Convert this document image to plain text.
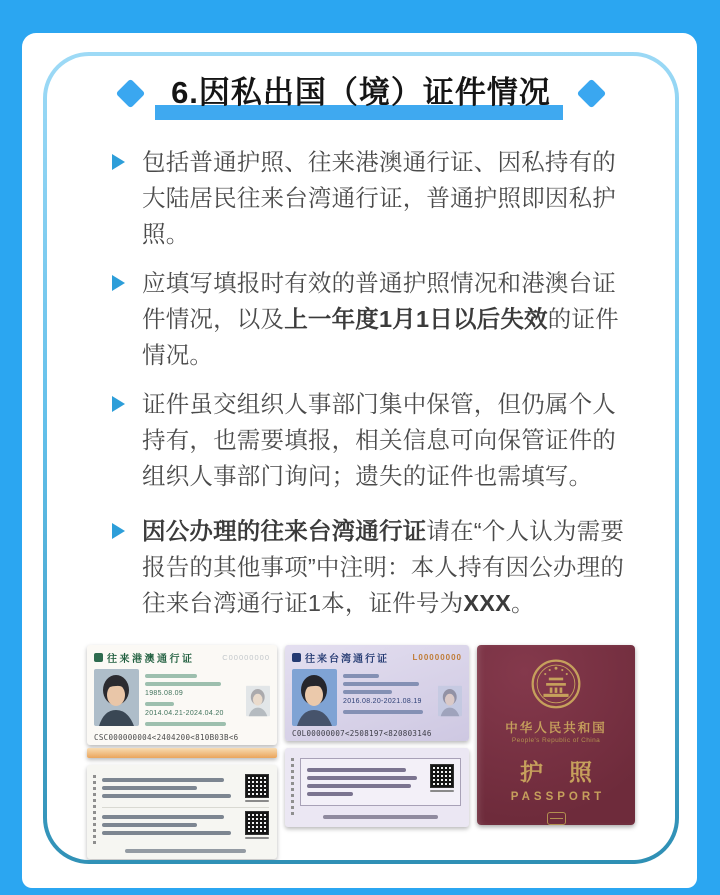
6.因私出国（境）证件情况
包括普通护照、往来港澳通行证、因私持有的大陆居民往来台湾通行证，普通护照即因私护照。
应填写填报时有效的普通护照情况和港澳台证件情况，以及上一年度1月1日以后失效的证件情况。
证件虽交组织人事部门集中保管，但仍属个人持有，也需要填报，相关信息可向保管证件的组织人事部门询问；遗失的证件也需填写。
因公办理的往来台湾通行证请在“个人认为需要报告的其他事项”中注明：本人持有因公办理的往来台湾通行证1本，证件号为XXX。
往来港澳通行证	C00000000
1985.08.09
2014.04.21-2024.04.20
CSC000000004<2404200<810B03B<6
往来台湾通行证	L00000000
2016.08.20-2021.08.19
C0L00000007<2508197<820803146	中华人民共和国
People's Republic of China
护照
PASSPORT
